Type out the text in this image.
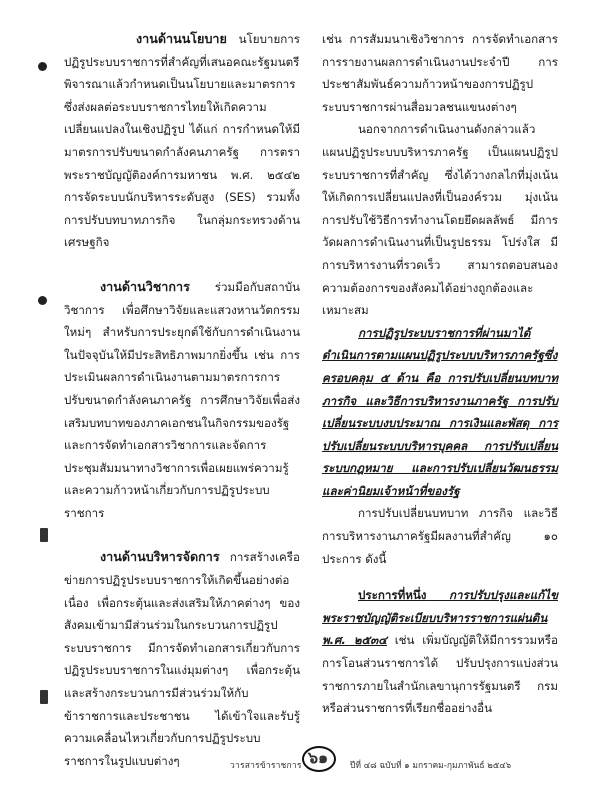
งานด้านนโยบาย นโยบายการปฏิรูประบบราชการที่สำคัญที่เสนอคณะรัฐมนตรีพิจารณาแล้วกำหนดเป็นนโยบายและมาตรการซึ่งส่งผลต่อระบบราชการไทยให้เกิดความเปลี่ยนแปลงในเชิงปฏิรูป ได้แก่ การกำหนดให้มีมาตรการปรับขนาดกำลังคนภาครัฐ การตราพระราชบัญญัติองค์การมหาชน พ.ศ. ๒๕๔๒ การจัดระบบนักบริหารระดับสูง (SES) รวมทั้งการปรับบทบาทภารกิจ ในกลุ่มกระทรวงด้านเศรษฐกิจ

งานด้านวิชาการ ร่วมมือกับสถาบันวิชาการ เพื่อศึกษาวิจัยและแสวงหานวัตกรรมใหม่ๆ สำหรับการประยุกต์ใช้กับการดำเนินงานในปัจจุบันให้มีประสิทธิภาพมากยิ่งขึ้น เช่น การประเมินผลการดำเนินงานตามมาตรการการปรับขนาดกำลังคนภาครัฐ การศึกษาวิจัยเพื่อส่งเสริมบทบาทของภาคเอกชนในกิจกรรมของรัฐ และการจัดทำเอกสารวิชาการและจัดการประชุมสัมมนาทางวิชาการเพื่อเผยแพร่ความรู้และความก้าวหน้าเกี่ยวกับการปฏิรูประบบราชการ

งานด้านบริหารจัดการ การสร้างเครือข่ายการปฏิรูประบบราชการให้เกิดขึ้นอย่างต่อเนื่อง เพื่อกระตุ้นและส่งเสริมให้ภาคต่างๆ ของสังคมเข้ามามีส่วนร่วมในกระบวนการปฏิรูประบบราชการ มีการจัดทำเอกสารเกี่ยวกับการปฏิรูประบบราชการในแง่มุมต่างๆ เพื่อกระตุ้นและสร้างกระบวนการมีส่วนร่วมให้กับข้าราชการและประชาชน ได้เข้าใจและรับรู้ความเคลื่อนไหวเกี่ยวกับการปฏิรูประบบราชการในรูปแบบต่างๆ

เช่น การสัมมนาเชิงวิชาการ การจัดทำเอกสารการรายงานผลการดำเนินงานประจำปี การประชาสัมพันธ์ความก้าวหน้าของการปฏิรูประบบราชการผ่านสื่อมวลชนแขนงต่างๆ

นอกจากการดำเนินงานดังกล่าวแล้ว แผนปฏิรูประบบบริหารภาครัฐ เป็นแผนปฏิรูประบบราชการที่สำคัญ ซึ่งได้วางกลไกที่มุ่งเน้นให้เกิดการเปลี่ยนแปลงที่เป็นองค์รวม มุ่งเน้นการปรับใช้วิธีการทำงานโดยยึดผลลัพธ์ มีการวัดผลการดำเนินงานที่เป็นรูปธรรม โปร่งใส มีการบริหารงานที่รวดเร็ว สามารถตอบสนองความต้องการของสังคมได้อย่างถูกต้องและเหมาะสม

การปฏิรูประบบราชการที่ผ่านมาได้ดำเนินการตามแผนปฏิรูประบบบริหารภาครัฐซึ่งครอบคลุม ๕ ด้าน คือ การปรับเปลี่ยนบทบาท ภารกิจ และวิธีการบริหารงานภาครัฐ การปรับเปลี่ยนระบบงบประมาณ การเงินและพัสดุ การปรับเปลี่ยนระบบบริหารบุคคล การปรับเปลี่ยนระบบกฎหมาย และการปรับเปลี่ยนวัฒนธรรมและค่านิยมเจ้าหน้าที่ของรัฐ

การปรับเปลี่ยนบทบาท ภารกิจ และวิธีการบริหารงานภาครัฐมีผลงานที่สำคัญ ๑๐ ประการ ดังนี้

ประการที่หนึ่ง การปรับปรุงและแก้ไขพระราชบัญญัติระเบียบบริหารราชการแผ่นดิน พ.ศ. ๒๕๓๔ เช่น เพิ่มบัญญัติให้มีการรวมหรือการโอนส่วนราชการได้ ปรับปรุงการแบ่งส่วนราชการภายในสำนักเลขานุการรัฐมนตรี กรม หรือส่วนราชการที่เรียกชื่ออย่างอื่น

วารสารข้าราชการ ๖๑	ปีที่ ๔๘ ฉบับที่ ๑ มกราคม-กุมภาพันธ์ ๒๕๔๖
